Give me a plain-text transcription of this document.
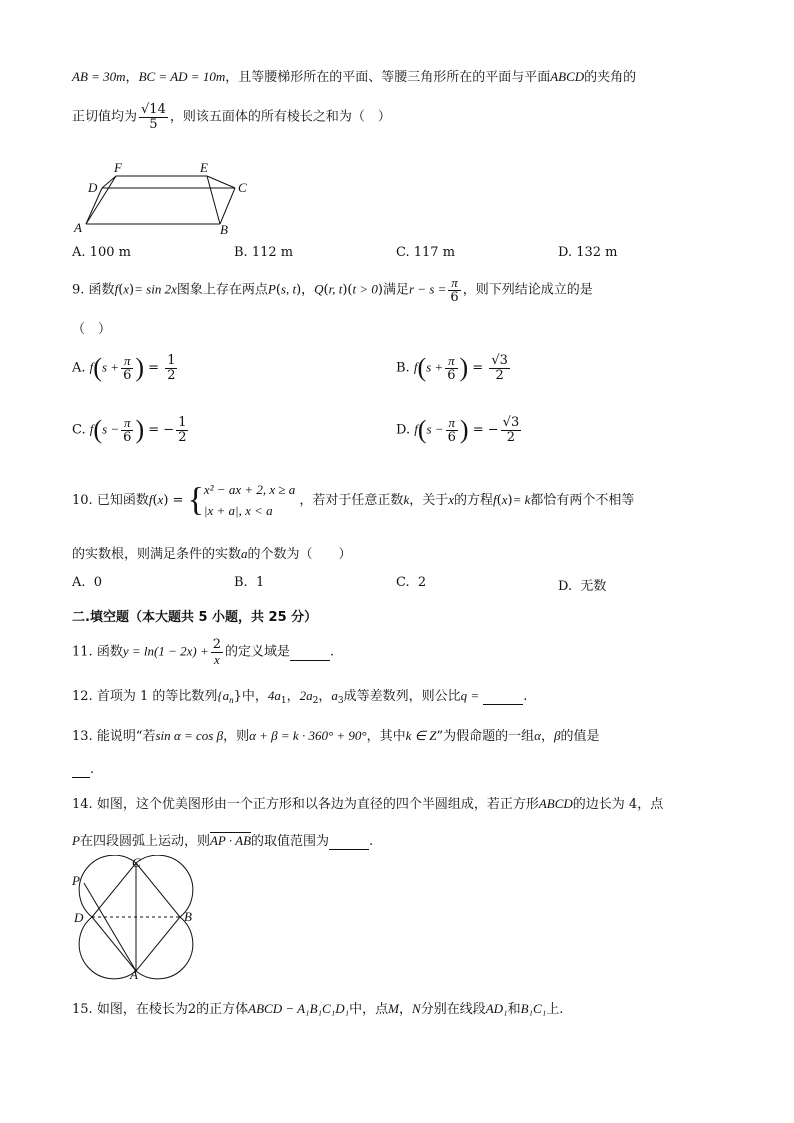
AB = 30m，BC = AD = 10m，且等腰梯形所在的平面、等腰三角形所在的平面与平面ABCD的夹角的
正切值均为 $\frac{√14}{5}$ ，则该五面体的所有棱长之和为（　）
F	E
D	C
A	B
A. 100 m	B. 112 m	C. 117 m	D. 132 m
9. 函数f(x)= sin 2x图象上存在两点P(s, t)，Q(r, t)(t > 0)满足$r - s = \frac{\pi}{6}$ ，则下列结论成立的是
（　）
A. $f(s + \frac{\pi}{6}$ ) = $\frac{1}{2}$	B. $f(s + \frac{\pi}{6}$ ) = $\frac{√3}{2}$
C. $f(s - \frac{\pi}{6}$ ) = − $\frac{1}{2}$	D. $f(s - \frac{\pi}{6}$ ) = − $\frac{√3}{2}$
10. 已知函数f(x) = {x² − ax + 2, x ≥ a
|x + a|, x < a ，若对于任意正数k，关于x的方程f(x)= k都恰有两个不相等
的实数根，则满足条件的实数a的个数为（　　）
A. 0	B. 1	C. 2	D. 无数
二.填空题（本大题共 5 小题，共 25 分）
11. 函数$y = \ln(1 - 2x) + \frac{2}{x}$ 的定义域是	.
12. 首项为 1 的等比数列$\{a_n\}$中，$4a_1$，$2a_2$，$a_3$成等差数列，则公比q =	.
13. 能说明“若sin α = cos β，则α + β = k · 360° + 90°，其中k ∈ Z”为假命题的一组α，β的值是
.
14. 如图，这个优美图形由一个正方形和以各边为直径的四个半圆组成，若正方形ABCD的边长为 4，点
P在四段圆弧上运动，则AP · AB的取值范围为	.
P
C
D	B
A
15. 如图，在棱长为2的正方体ABCD − A₁B₁C₁D₁中，点M，N分别在线段AD₁和B₁C₁上.
